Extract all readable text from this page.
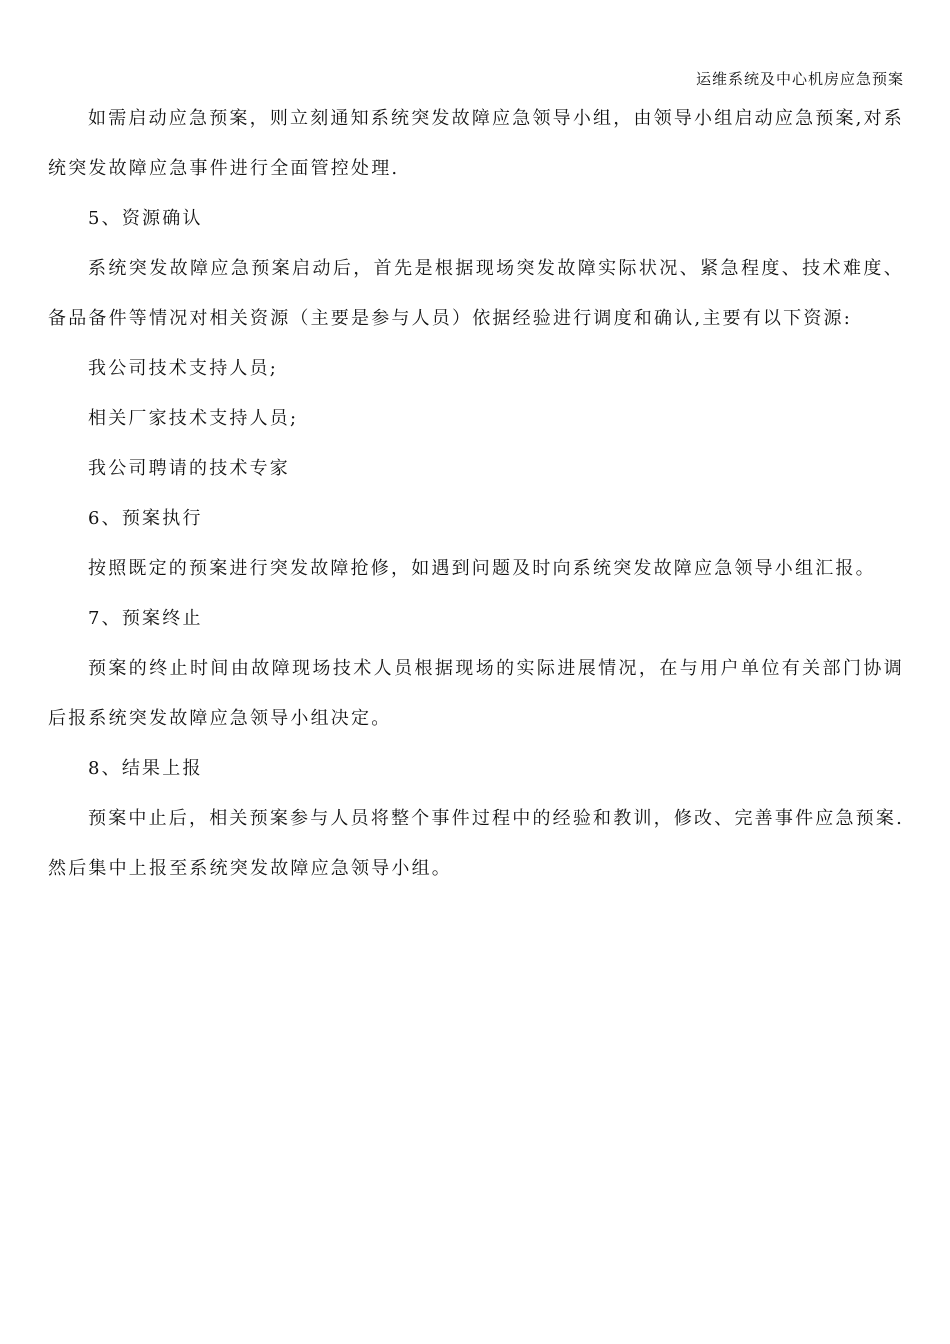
运维系统及中心机房应急预案

如需启动应急预案，则立刻通知系统突发故障应急领导小组，由领导小组启动应急预案,对系统突发故障应急事件进行全面管控处理.

5、资源确认

系统突发故障应急预案启动后，首先是根据现场突发故障实际状况、紧急程度、技术难度、备品备件等情况对相关资源（主要是参与人员）依据经验进行调度和确认,主要有以下资源:

我公司技术支持人员;

相关厂家技术支持人员;

我公司聘请的技术专家

6、预案执行

按照既定的预案进行突发故障抢修，如遇到问题及时向系统突发故障应急领导小组汇报。

7、预案终止

预案的终止时间由故障现场技术人员根据现场的实际进展情况，在与用户单位有关部门协调后报系统突发故障应急领导小组决定。

8、结果上报

预案中止后，相关预案参与人员将整个事件过程中的经验和教训，修改、完善事件应急预案.然后集中上报至系统突发故障应急领导小组。
